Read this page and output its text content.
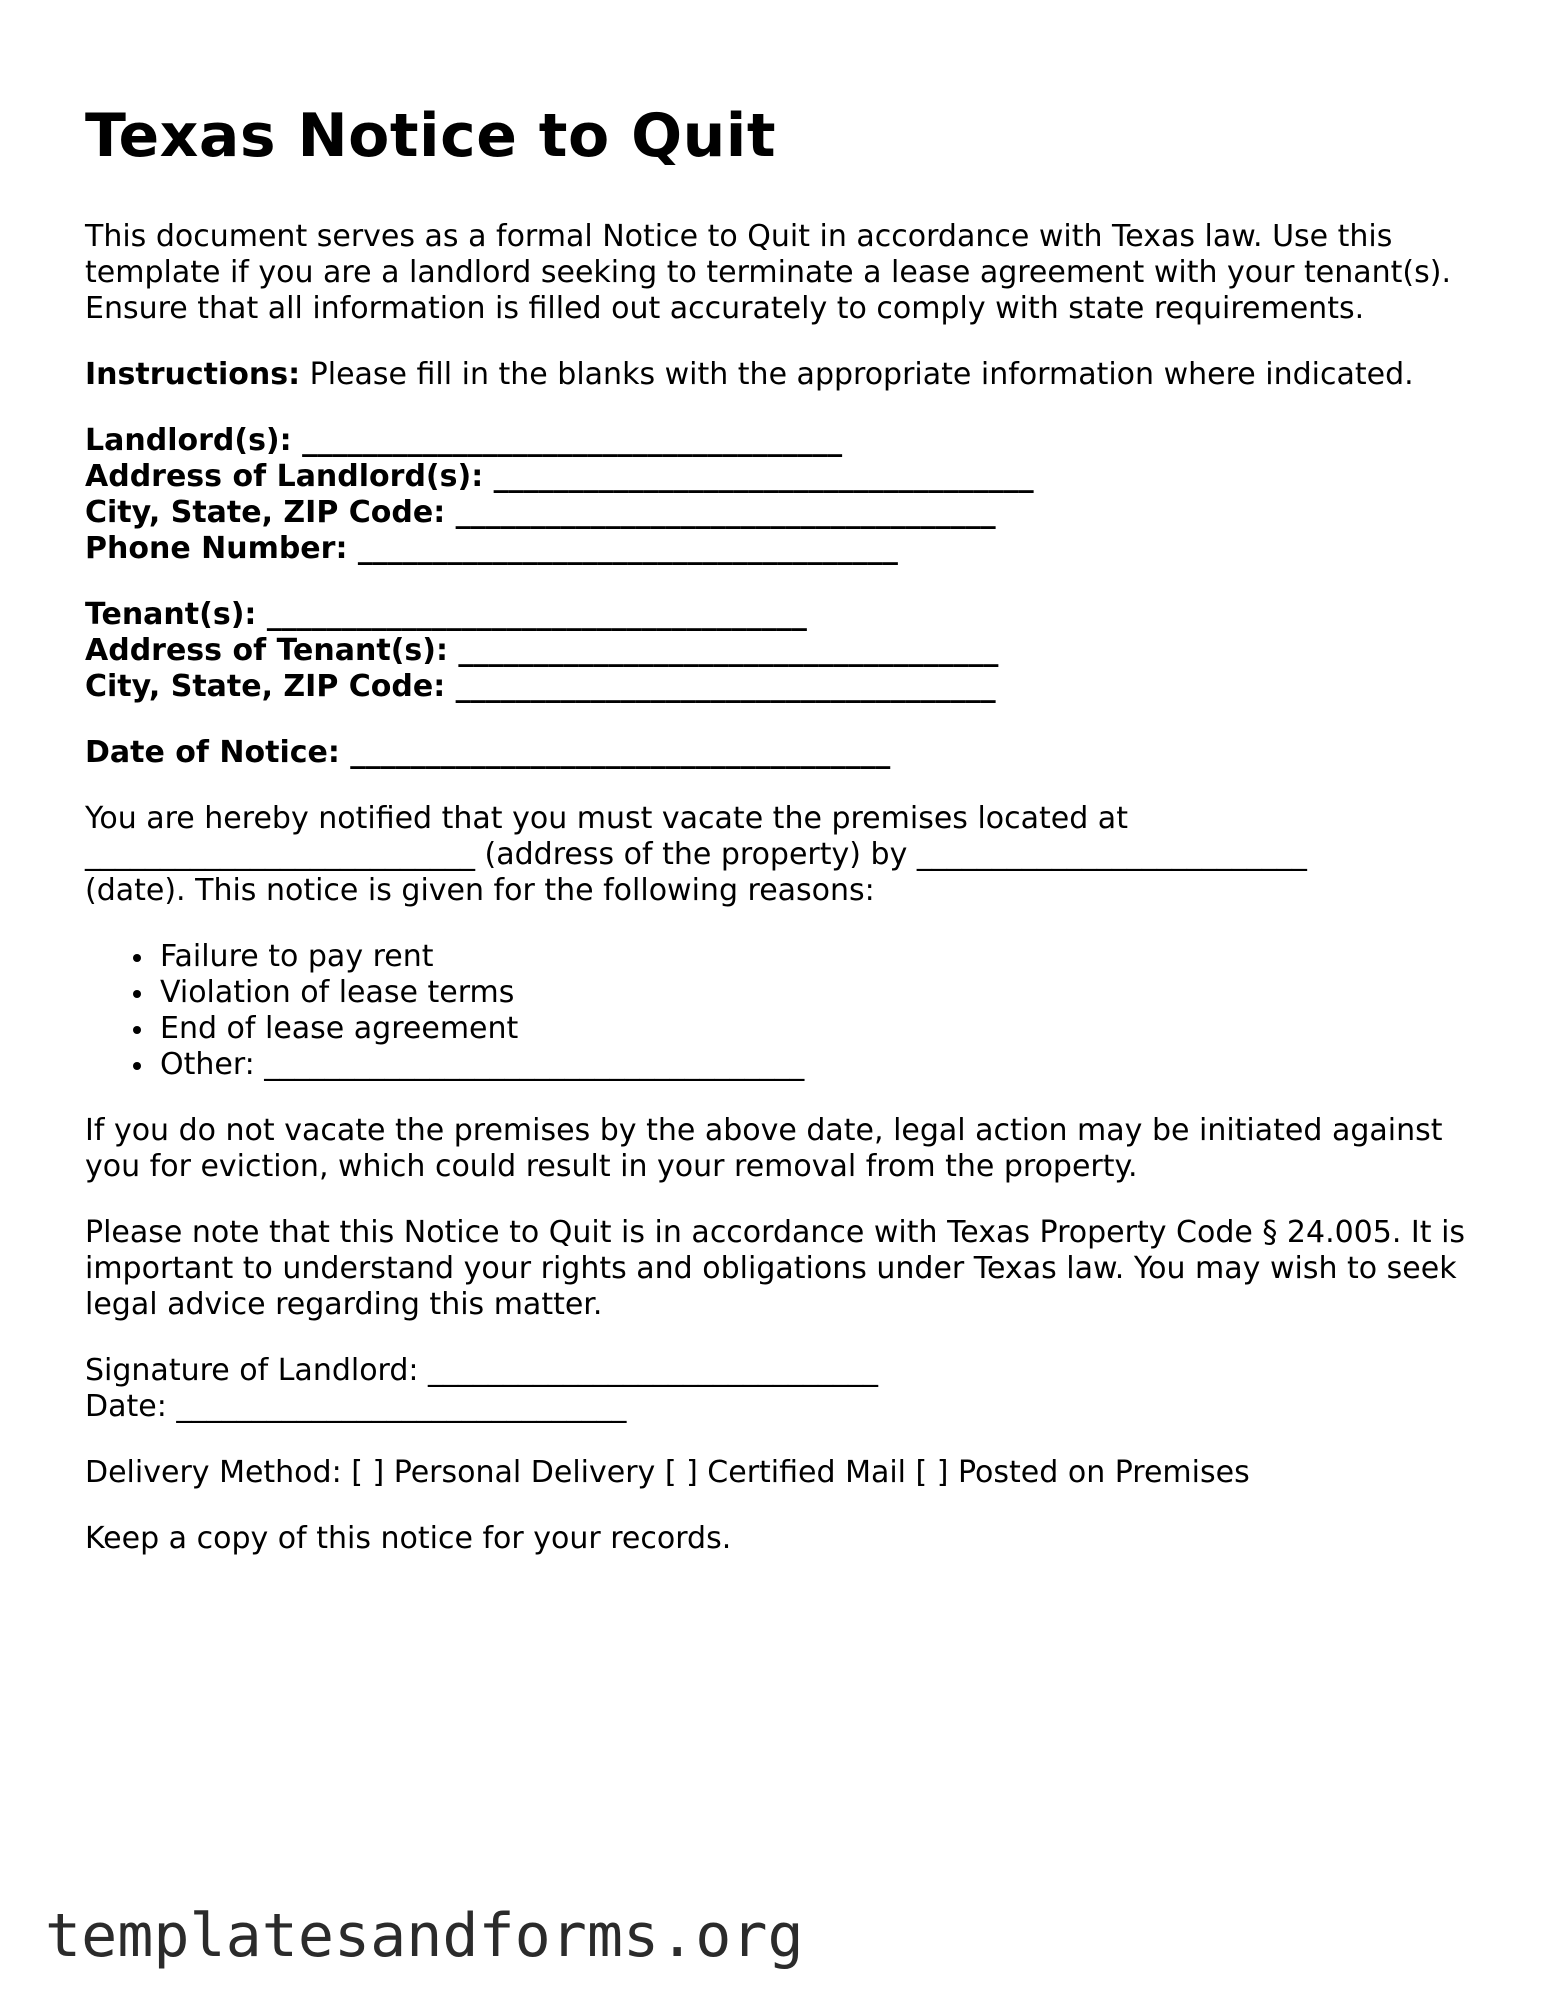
Texas Notice to Quit

This document serves as a formal Notice to Quit in accordance with Texas law. Use this template if you are a landlord seeking to terminate a lease agreement with your tenant(s). Ensure that all information is filled out accurately to comply with state requirements.

Instructions: Please fill in the blanks with the appropriate information where indicated.

Landlord(s): ____________________________________
Address of Landlord(s): ____________________________________
City, State, ZIP Code: ____________________________________
Phone Number: ____________________________________
Tenant(s): ____________________________________
Address of Tenant(s): ____________________________________
City, State, ZIP Code: ____________________________________
Date of Notice: ____________________________________
You are hereby notified that you must vacate the premises located at
__________________________ (address of the property) by __________________________
(date). This notice is given for the following reasons:
Failure to pay rent
Violation of lease terms
End of lease agreement
Other: ____________________________________

If you do not vacate the premises by the above date, legal action may be initiated against you for eviction, which could result in your removal from the property.

Please note that this Notice to Quit is in accordance with Texas Property Code § 24.005. It is important to understand your rights and obligations under Texas law. You may wish to seek legal advice regarding this matter.

Signature of Landlord: ______________________________
Date: ______________________________

Delivery Method: [ ] Personal Delivery [ ] Certified Mail [ ] Posted on Premises

Keep a copy of this notice for your records.

templatesandforms.org
